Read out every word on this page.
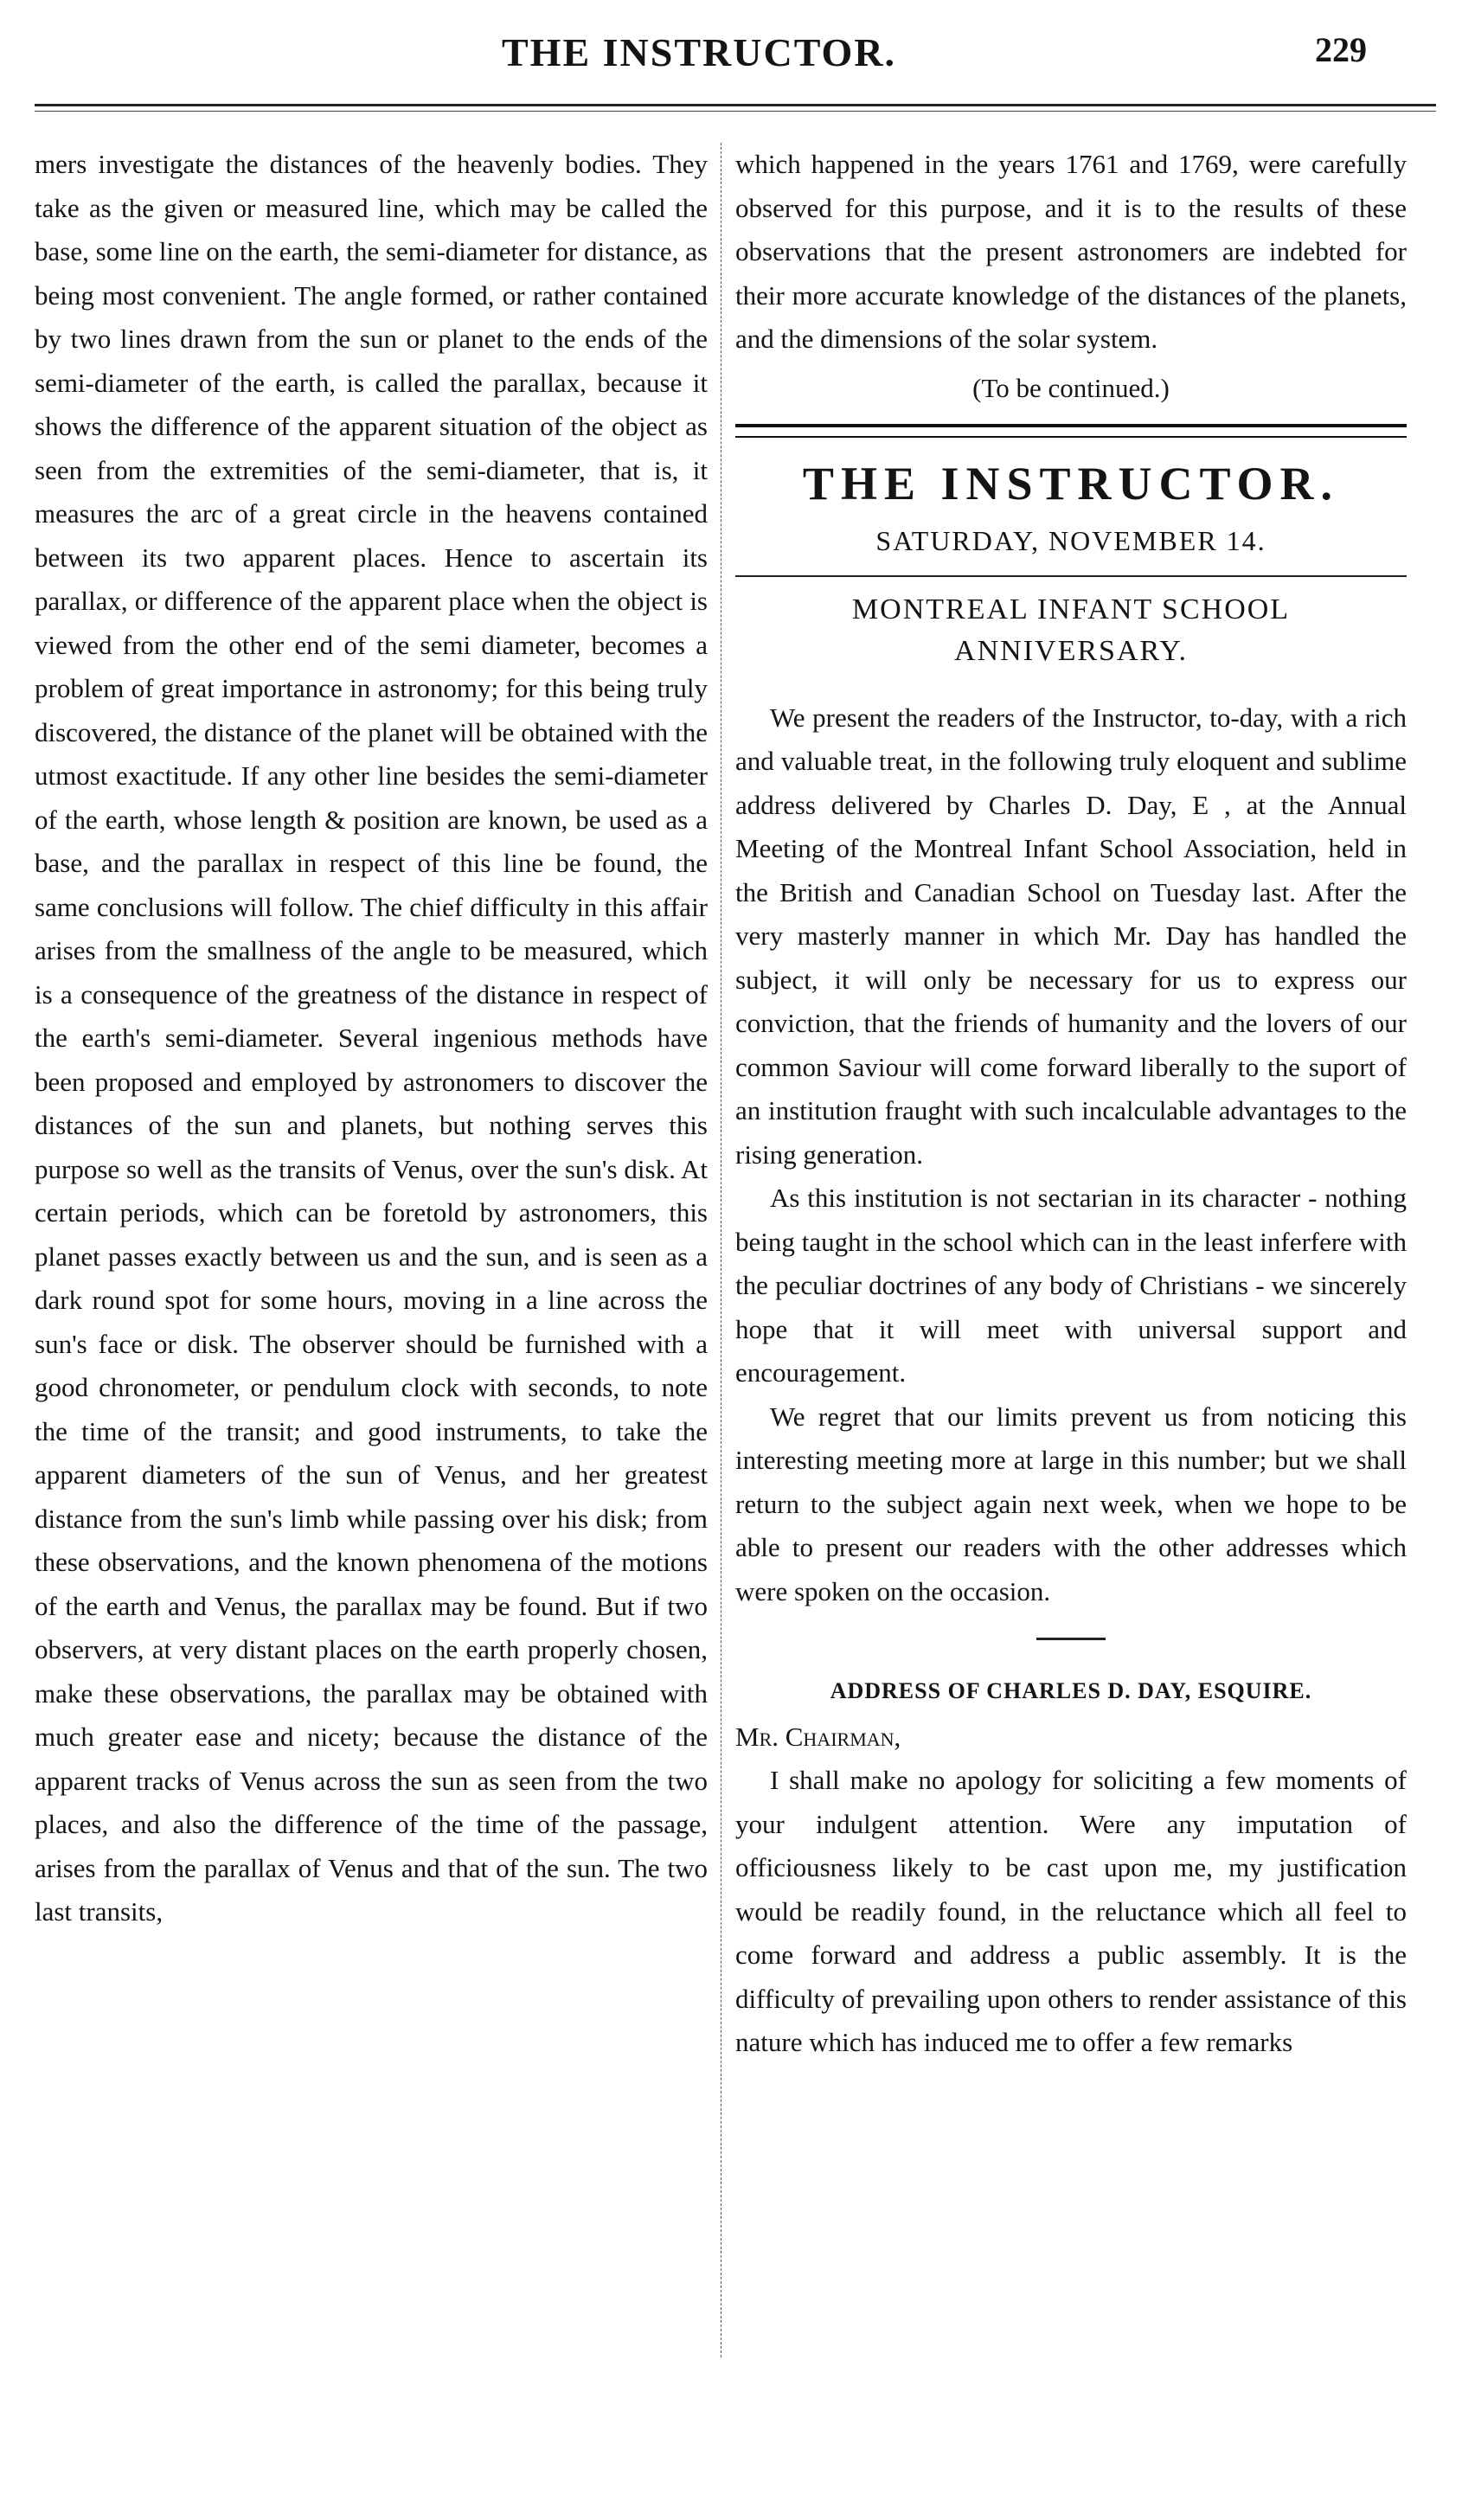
THE INSTRUCTOR.	229

mers investigate the distances of the heavenly bodies. They take as the given or measured line, which may be called the base, some line on the earth, the semi-diameter for distance, as being most convenient. The angle formed, or rather contained by two lines drawn from the sun or planet to the ends of the semi-diameter of the earth, is called the parallax, because it shows the difference of the apparent situation of the object as seen from the extremities of the semi-diameter, that is, it measures the arc of a great circle in the heavens contained between its two apparent places. Hence to ascertain its parallax, or difference of the apparent place when the object is viewed from the other end of the semi diameter, becomes a problem of great importance in astronomy; for this being truly discovered, the distance of the planet will be obtained with the utmost exactitude. If any other line besides the semi-diameter of the earth, whose length & position are known, be used as a base, and the parallax in respect of this line be found, the same conclusions will follow. The chief difficulty in this affair arises from the smallness of the angle to be measured, which is a consequence of the greatness of the distance in respect of the earth's semi-diameter. Several ingenious methods have been proposed and employed by astronomers to discover the distances of the sun and planets, but nothing serves this purpose so well as the transits of Venus, over the sun's disk. At certain periods, which can be foretold by astronomers, this planet passes exactly between us and the sun, and is seen as a dark round spot for some hours, moving in a line across the sun's face or disk. The observer should be furnished with a good chronometer, or pendulum clock with seconds, to note the time of the transit; and good instruments, to take the apparent diameters of the sun of Venus, and her greatest distance from the sun's limb while passing over his disk; from these observations, and the known phenomena of the motions of the earth and Venus, the parallax may be found. But if two observers, at very distant places on the earth properly chosen, make these observations, the parallax may be obtained with much greater ease and nicety; because the distance of the apparent tracks of Venus across the sun as seen from the two places, and also the difference of the time of the passage, arises from the parallax of Venus and that of the sun. The two last transits,

which happened in the years 1761 and 1769, were carefully observed for this purpose, and it is to the results of these observations that the present astronomers are indebted for their more accurate knowledge of the distances of the planets, and the dimensions of the solar system.

(To be continued.)

THE INSTRUCTOR.

SATURDAY, NOVEMBER 14.

MONTREAL INFANT SCHOOL ANNIVERSARY.

We present the readers of the Instructor, to-day, with a rich and valuable treat, in the following truly eloquent and sublime address delivered by Charles D. Day, E , at the Annual Meeting of the Montreal Infant School Association, held in the British and Canadian School on Tuesday last. After the very masterly manner in which Mr. Day has handled the subject, it will only be necessary for us to express our conviction, that the friends of humanity and the lovers of our common Saviour will come forward liberally to the suport of an institution fraught with such incalculable advantages to the rising generation.

As this institution is not sectarian in its character - nothing being taught in the school which can in the least inferfere with the peculiar doctrines of any body of Christians - we sincerely hope that it will meet with universal support and encouragement.

We regret that our limits prevent us from noticing this interesting meeting more at large in this number; but we shall return to the subject again next week, when we hope to be able to present our readers with the other addresses which were spoken on the occasion.

ADDRESS OF CHARLES D. DAY, ESQUIRE.

Mr. Chairman,

I shall make no apology for soliciting a few moments of your indulgent attention. Were any imputation of officiousness likely to be cast upon me, my justification would be readily found, in the reluctance which all feel to come forward and address a public assembly. It is the difficulty of prevailing upon others to render assistance of this nature which has induced me to offer a few remarks
